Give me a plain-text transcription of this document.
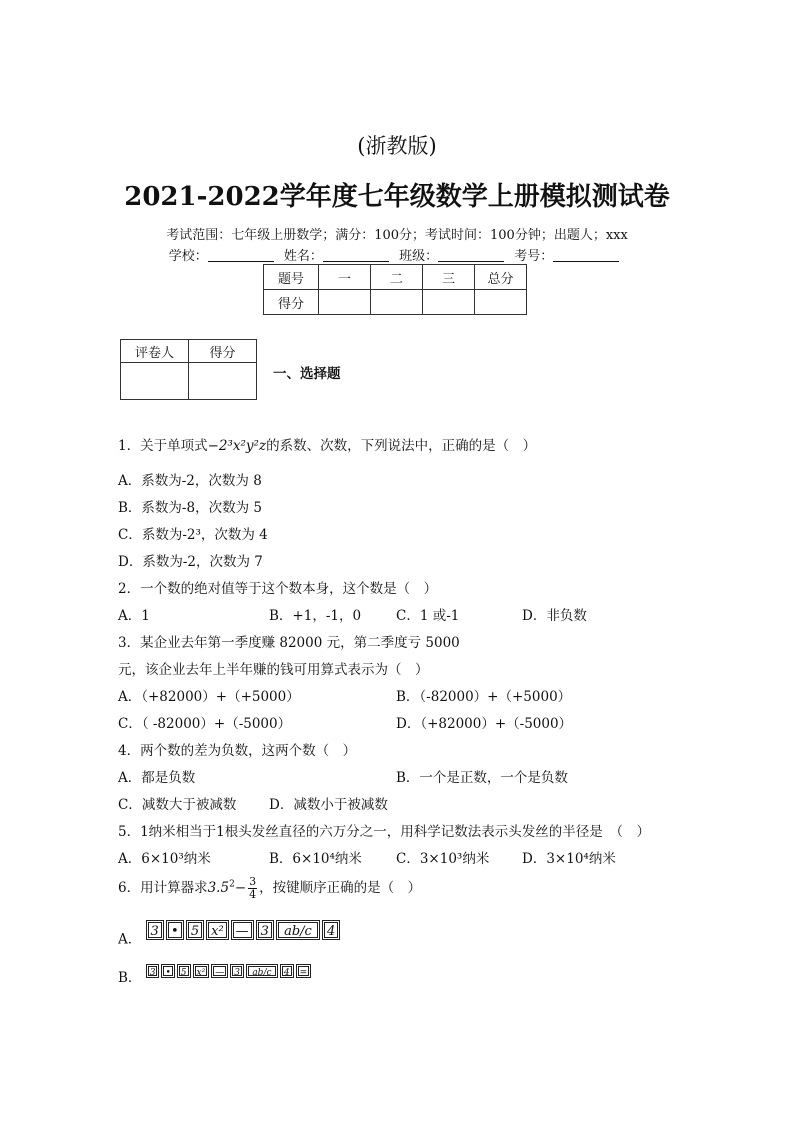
(浙教版)
2021-2022学年度七年级数学上册模拟测试卷
考试范围：七年级上册数学；满分：100分；考试时间：100分钟；出题人；xxx
学校：	姓名：	班级：	考号：
题号	一	二	三	总分
得分				
评卷人	得分

一、选择题
1．关于单项式−2³x²y²z的系数、次数，下列说法中，正确的是（　）
A．系数为-2，次数为 8
B．系数为-8，次数为 5
C．系数为-2³，次数为 4
D．系数为-2，次数为 7
2．一个数的绝对值等于这个数本身，这个数是（　）
A．1	B．+1，-1，0	C．1 或-1	D．非负数
3．某企业去年第一季度赚 82000 元，第二季度亏 5000
元，该企业去年上半年赚的钱可用算式表示为（　）
A．（+82000）+（+5000）	B．（-82000）+（+5000）
C．（ -82000）+（-5000）	D．（+82000）+（-5000）
4．两个数的差为负数，这两个数（　）
A．都是负数	B．一个是正数，一个是负数
C．减数大于被减数 D．减数小于被减数
5．1纳米相当于1根头发丝直径的六万分之一，用科学记数法表示头发丝的半径是　（　）
A．6×10³纳米	B．6×10⁴纳米	C．3×10³纳米 D．3×10⁴纳米
6．用计算器求$3.5^2- \frac{3}{4}$ ，按键顺序正确的是（　）
A． 3 • 5 x² — 3 ab/c 4
B． 3 • 5 x² — 3 ab/c 4 =
